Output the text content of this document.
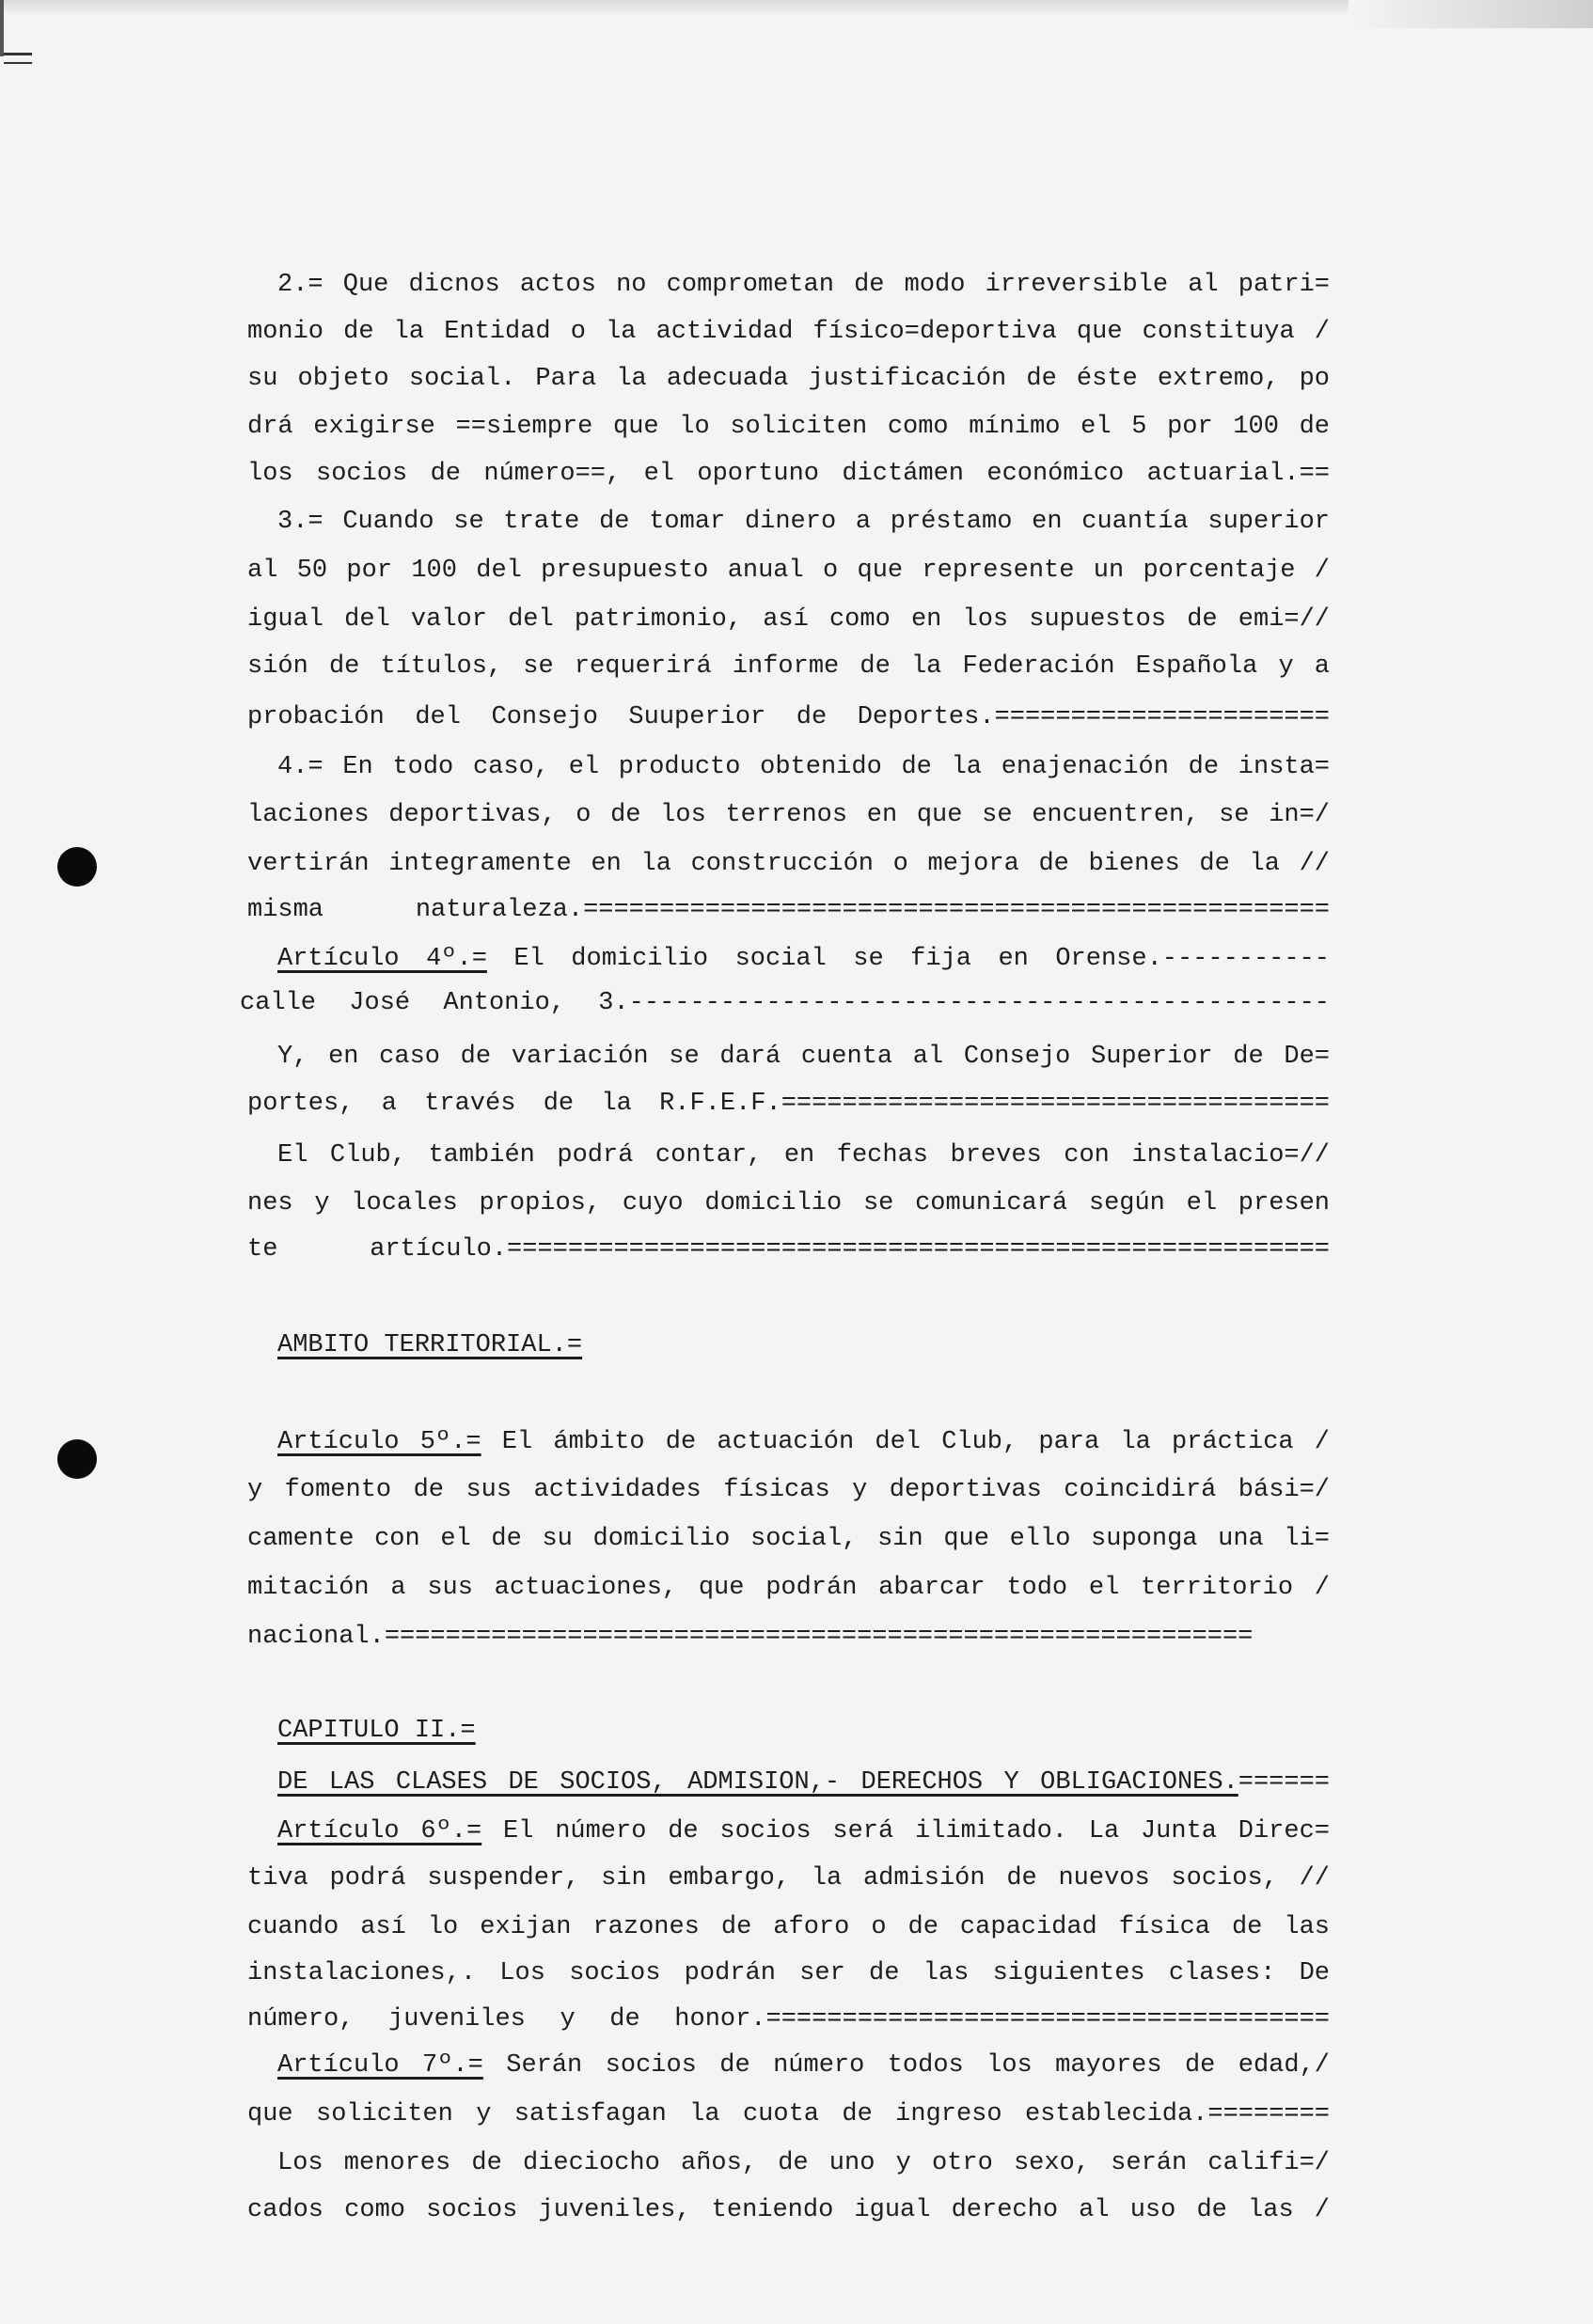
2.= Que dicnos actos no comprometan de modo irreversible al patri=
monio de la Entidad o la actividad físico=deportiva que constituya /
su objeto social. Para la adecuada justificación de éste extremo, po
drá exigirse ==siempre que lo soliciten como mínimo el 5 por 100 de
los socios de número==, el oportuno dictámen económico actuarial.==
3.= Cuando se trate de tomar dinero a préstamo en cuantía superior
al 50 por 100 del presupuesto anual o que represente un porcentaje /
igual del valor del patrimonio, así como en los supuestos de emi=//
sión de títulos, se requerirá informe de la Federación Española y a
probación del Consejo Suuperior de Deportes.======================
4.= En todo caso, el producto obtenido de la enajenación de insta=
laciones deportivas, o de los terrenos en que se encuentren, se in=/
vertirán integramente en la construcción o mejora de bienes de la //
misma naturaleza.=================================================
Artículo 4º.= El domicilio social se fija en Orense.-----------
calle José Antonio, 3.----------------------------------------------
Y, en caso de variación se dará cuenta al Consejo Superior de De=
portes, a través de la R.F.E.F.====================================
El Club, también podrá contar, en fechas breves con instalacio=//
nes y locales propios, cuyo domicilio se comunicará según el presen
te artículo.======================================================
AMBITO TERRITORIAL.=
Artículo 5º.= El ámbito de actuación del Club, para la práctica /
y fomento de sus actividades físicas y deportivas coincidirá bási=/
camente con el de su domicilio social, sin que ello suponga una li=
mitación a sus actuaciones, que podrán abarcar todo el territorio /
nacional.=========================================================
CAPITULO II.=
DE LAS CLASES DE SOCIOS, ADMISION,- DERECHOS Y OBLIGACIONES.======
Artículo 6º.= El número de socios será ilimitado. La Junta Direc=
tiva podrá suspender, sin embargo, la admisión de nuevos socios, //
cuando así lo exijan razones de aforo o de capacidad física de las
instalaciones,. Los socios podrán ser de las siguientes clases: De
número, juveniles y de honor.=====================================
Artículo 7º.= Serán socios de número todos los mayores de edad,/
que soliciten y satisfagan la cuota de ingreso establecida.========
Los menores de dieciocho años, de uno y otro sexo, serán califi=/
cados como socios juveniles, teniendo igual derecho al uso de las /
